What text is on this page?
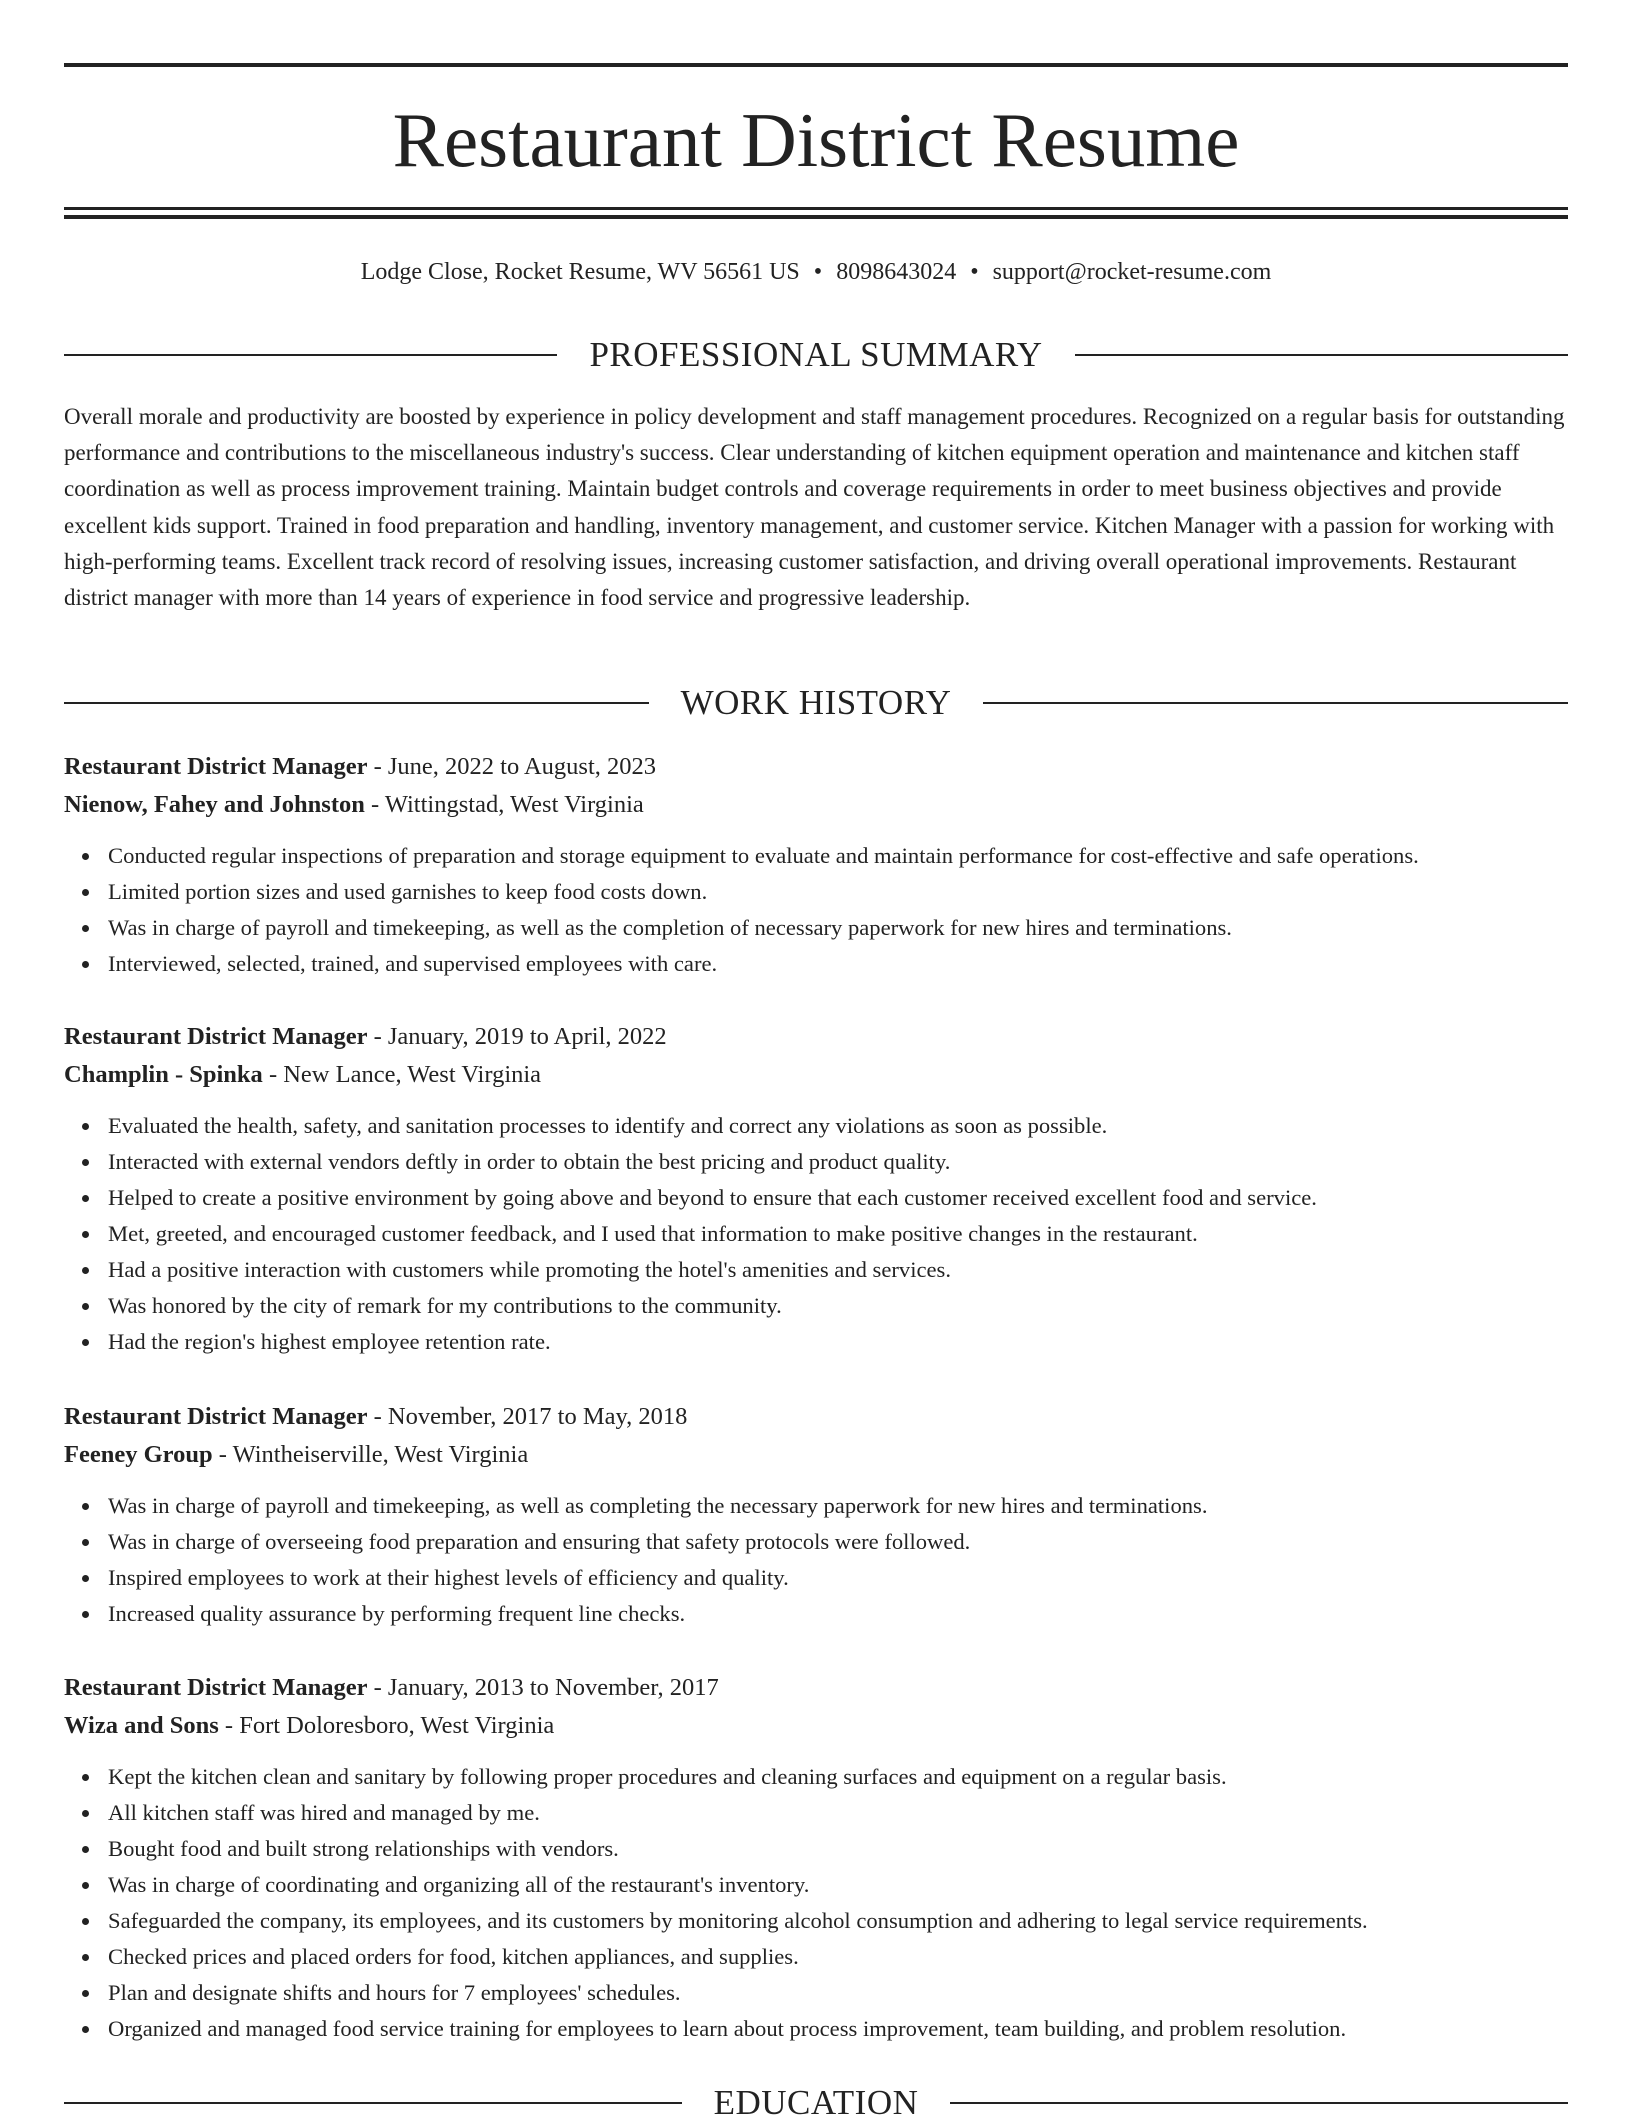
Restaurant District Resume
Lodge Close, Rocket Resume, WV 56561 US • 8098643024 • support@rocket-resume.com
PROFESSIONAL SUMMARY

Overall morale and productivity are boosted by experience in policy development and staff management procedures. Recognized on a regular basis for outstanding performance and contributions to the miscellaneous industry's success. Clear understanding of kitchen equipment operation and maintenance and kitchen staff coordination as well as process improvement training. Maintain budget controls and coverage requirements in order to meet business objectives and provide excellent kids support. Trained in food preparation and handling, inventory management, and customer service. Kitchen Manager with a passion for working with high-performing teams. Excellent track record of resolving issues, increasing customer satisfaction, and driving overall operational improvements. Restaurant district manager with more than 14 years of experience in food service and progressive leadership.

WORK HISTORY
Restaurant District Manager - June, 2022 to August, 2023
Nienow, Fahey and Johnston - Wittingstad, West Virginia
Conducted regular inspections of preparation and storage equipment to evaluate and maintain performance for cost-effective and safe operations.
Limited portion sizes and used garnishes to keep food costs down.
Was in charge of payroll and timekeeping, as well as the completion of necessary paperwork for new hires and terminations.
Interviewed, selected, trained, and supervised employees with care.
Restaurant District Manager - January, 2019 to April, 2022
Champlin - Spinka - New Lance, West Virginia
Evaluated the health, safety, and sanitation processes to identify and correct any violations as soon as possible.
Interacted with external vendors deftly in order to obtain the best pricing and product quality.
Helped to create a positive environment by going above and beyond to ensure that each customer received excellent food and service.
Met, greeted, and encouraged customer feedback, and I used that information to make positive changes in the restaurant.
Had a positive interaction with customers while promoting the hotel's amenities and services.
Was honored by the city of remark for my contributions to the community.
Had the region's highest employee retention rate.
Restaurant District Manager - November, 2017 to May, 2018
Feeney Group - Wintheiserville, West Virginia
Was in charge of payroll and timekeeping, as well as completing the necessary paperwork for new hires and terminations.
Was in charge of overseeing food preparation and ensuring that safety protocols were followed.
Inspired employees to work at their highest levels of efficiency and quality.
Increased quality assurance by performing frequent line checks.
Restaurant District Manager - January, 2013 to November, 2017
Wiza and Sons - Fort Doloresboro, West Virginia
Kept the kitchen clean and sanitary by following proper procedures and cleaning surfaces and equipment on a regular basis.
All kitchen staff was hired and managed by me.
Bought food and built strong relationships with vendors.
Was in charge of coordinating and organizing all of the restaurant's inventory.
Safeguarded the company, its employees, and its customers by monitoring alcohol consumption and adhering to legal service requirements.
Checked prices and placed orders for food, kitchen appliances, and supplies.
Plan and designate shifts and hours for 7 employees' schedules.
Organized and managed food service training for employees to learn about process improvement, team building, and problem resolution.
EDUCATION
